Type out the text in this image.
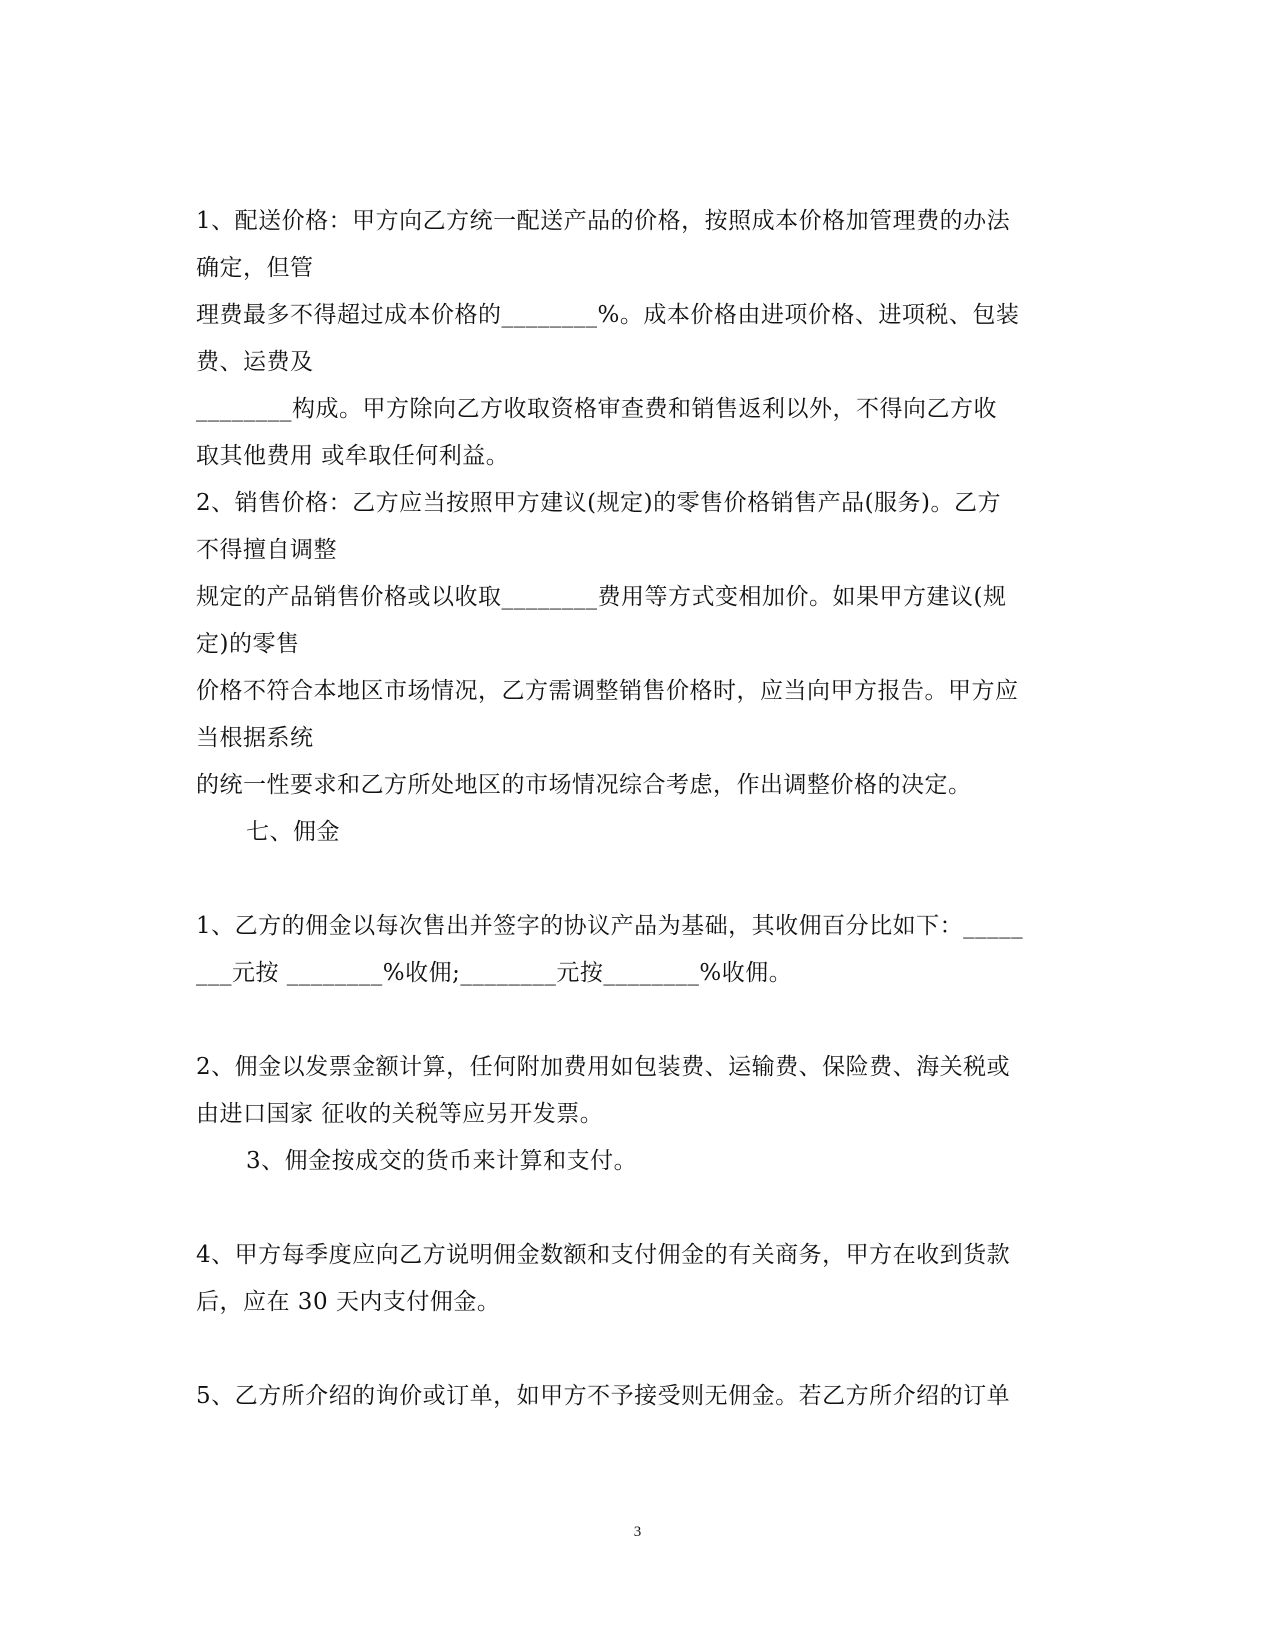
1、配送价格：甲方向乙方统一配送产品的价格，按照成本价格加管理费的办法
确定，但管
理费最多不得超过成本价格的________%。成本价格由进项价格、进项税、包装
费、运费及
________构成。甲方除向乙方收取资格审查费和销售返利以外，不得向乙方收
取其他费用 或牟取任何利益。
2、销售价格：乙方应当按照甲方建议(规定)的零售价格销售产品(服务)。乙方
不得擅自调整
规定的产品销售价格或以收取________费用等方式变相加价。如果甲方建议(规
定)的零售
价格不符合本地区市场情况，乙方需调整销售价格时，应当向甲方报告。甲方应
当根据系统
的统一性要求和乙方所处地区的市场情况综合考虑，作出调整价格的决定。
七、佣金
1、乙方的佣金以每次售出并签字的协议产品为基础，其收佣百分比如下：_____
___元按 ________%收佣;________元按________%收佣。
2、佣金以发票金额计算，任何附加费用如包装费、运输费、保险费、海关税或
由进口国家 征收的关税等应另开发票。
3、佣金按成交的货币来计算和支付。
4、甲方每季度应向乙方说明佣金数额和支付佣金的有关商务，甲方在收到货款
后，应在 30 天内支付佣金。
5、乙方所介绍的询价或订单，如甲方不予接受则无佣金。若乙方所介绍的订单
3
